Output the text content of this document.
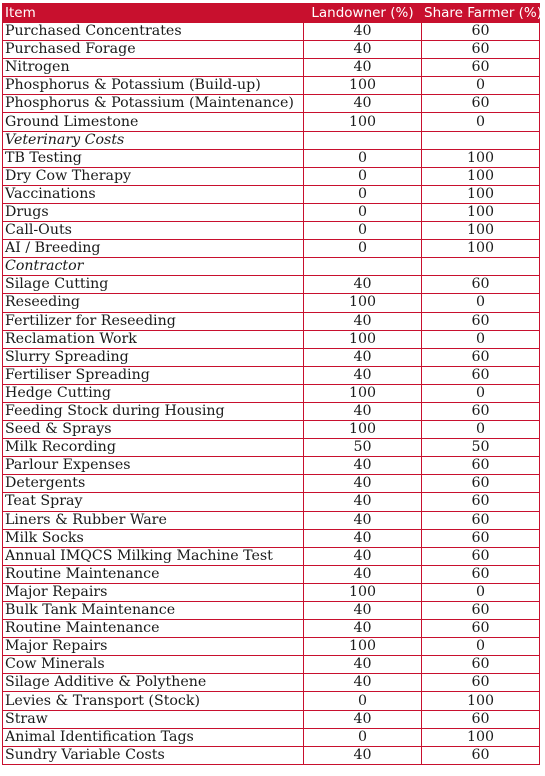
Item	Landowner (%)	Share Farmer (%)
Purchased Concentrates	40	60
Purchased Forage	40	60
Nitrogen	40	60
Phosphorus & Potassium (Build-up)	100	0
Phosphorus & Potassium (Maintenance)	40	60
Ground Limestone	100	0
Veterinary Costs		
TB Testing	0	100
Dry Cow Therapy	0	100
Vaccinations	0	100
Drugs	0	100
Call-Outs	0	100
AI / Breeding	0	100
Contractor		
Silage Cutting	40	60
Reseeding	100	0
Fertilizer for Reseeding	40	60
Reclamation Work	100	0
Slurry Spreading	40	60
Fertiliser Spreading	40	60
Hedge Cutting	100	0
Feeding Stock during Housing	40	60
Seed & Sprays	100	0
Milk Recording	50	50
Parlour Expenses	40	60
Detergents	40	60
Teat Spray	40	60
Liners & Rubber Ware	40	60
Milk Socks	40	60
Annual IMQCS Milking Machine Test	40	60
Routine Maintenance	40	60
Major Repairs	100	0
Bulk Tank Maintenance	40	60
Routine Maintenance	40	60
Major Repairs	100	0
Cow Minerals	40	60
Silage Additive & Polythene	40	60
Levies & Transport (Stock)	0	100
Straw	40	60
Animal Identification Tags	0	100
Sundry Variable Costs	40	60
